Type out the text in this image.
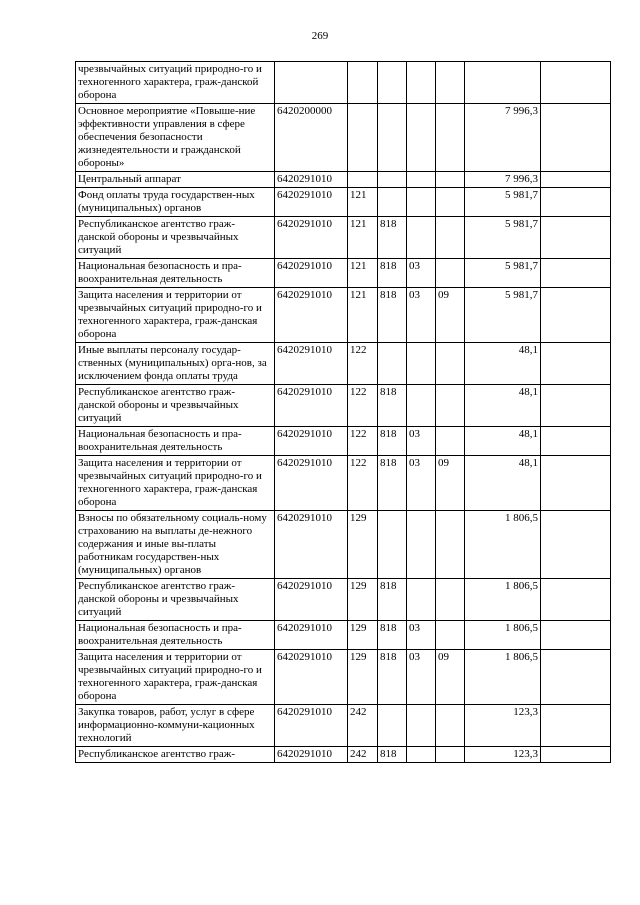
269
чрезвычайных ситуаций природно-го и техногенного характера, граж-данской оборона							
Основное мероприятие «Повыше-ние эффективности управления в сфере обеспечения безопасности жизнедеятельности и гражданской обороны»	6420200000					7 996,3	
Центральный аппарат	6420291010					7 996,3	
Фонд оплаты труда государствен-ных (муниципальных) органов	6420291010	121				5 981,7	
Республиканское агентство граж-данской обороны и чрезвычайных ситуаций	6420291010	121	818			5 981,7	
Национальная безопасность и пра-воохранительная деятельность	6420291010	121	818	03		5 981,7	
Защита населения и территории от чрезвычайных ситуаций природно-го и техногенного характера, граж-данская оборона	6420291010	121	818	03	09	5 981,7	
Иные выплаты персоналу государ-ственных (муниципальных) орга-нов, за исключением фонда оплаты труда	6420291010	122				48,1	
Республиканское агентство граж-данской обороны и чрезвычайных ситуаций	6420291010	122	818			48,1	
Национальная безопасность и пра-воохранительная деятельность	6420291010	122	818	03		48,1	
Защита населения и территории от чрезвычайных ситуаций природно-го и техногенного характера, граж-данская оборона	6420291010	122	818	03	09	48,1	
Взносы по обязательному социаль-ному страхованию на выплаты де-нежного содержания и иные вы-платы работникам государствен-ных (муниципальных) органов	6420291010	129				1 806,5	
Республиканское агентство граж-данской обороны и чрезвычайных ситуаций	6420291010	129	818			1 806,5	
Национальная безопасность и пра-воохранительная деятельность	6420291010	129	818	03		1 806,5	
Защита населения и территории от чрезвычайных ситуаций природно-го и техногенного характера, граж-данская оборона	6420291010	129	818	03	09	1 806,5	
Закупка товаров, работ, услуг в сфере информационно-коммуни-кационных технологий	6420291010	242				123,3	
Республиканское агентство граж-	6420291010	242	818			123,3	
